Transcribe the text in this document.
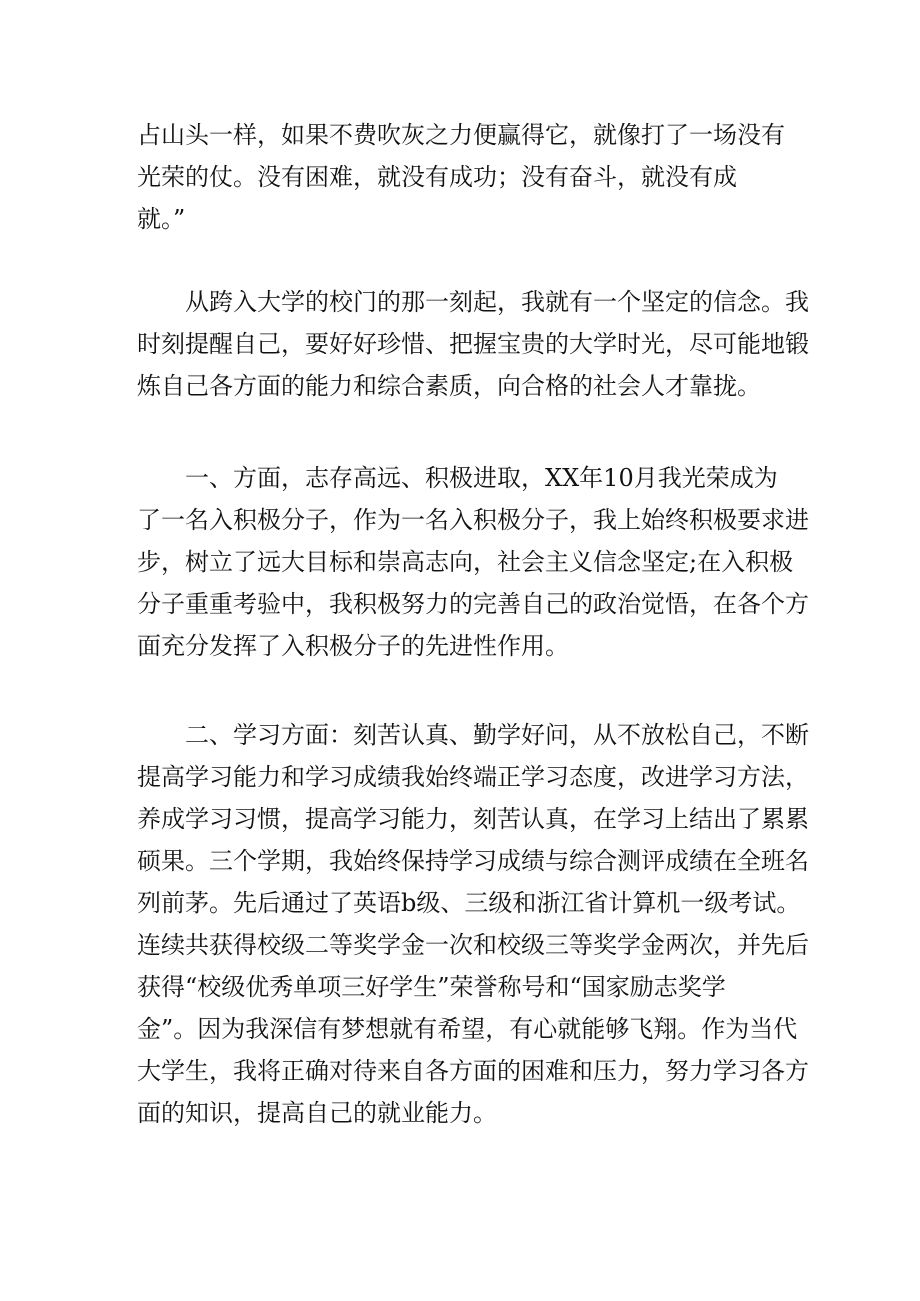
占山头一样，如果不费吹灰之力便赢得它，就像打了一场没有
光荣的仗。没有困难，就没有成功；没有奋斗，就没有成
就。”
从跨入大学的校门的那一刻起，我就有一个坚定的信念。我
时刻提醒自己，要好好珍惜、把握宝贵的大学时光，尽可能地锻
炼自己各方面的能力和综合素质，向合格的社会人才靠拢。
一、方面，志存高远、积极进取，XX年10月我光荣成为
了一名入积极分子，作为一名入积极分子，我上始终积极要求进
步，树立了远大目标和崇高志向，社会主义信念坚定;在入积极
分子重重考验中，我积极努力的完善自己的政治觉悟，在各个方
面充分发挥了入积极分子的先进性作用。
二、学习方面：刻苦认真、勤学好问，从不放松自己，不断
提高学习能力和学习成绩我始终端正学习态度，改进学习方法，
养成学习习惯，提高学习能力，刻苦认真，在学习上结出了累累
硕果。三个学期，我始终保持学习成绩与综合测评成绩在全班名
列前茅。先后通过了英语b级、三级和浙江省计算机一级考试。
连续共获得校级二等奖学金一次和校级三等奖学金两次，并先后
获得“校级优秀单项三好学生”荣誉称号和“国家励志奖学
金”。因为我深信有梦想就有希望，有心就能够飞翔。作为当代
大学生，我将正确对待来自各方面的困难和压力，努力学习各方
面的知识，提高自己的就业能力。
